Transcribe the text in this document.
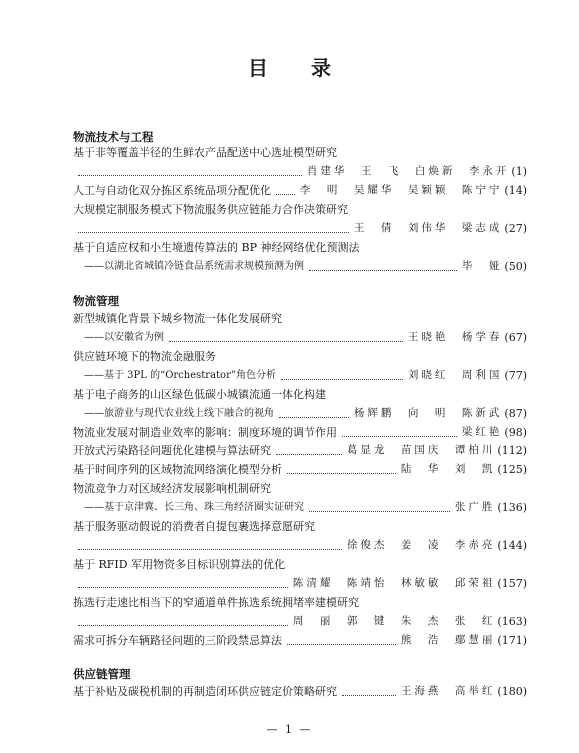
目 录
物流技术与工程
基于非等覆盖半径的生鲜农产品配送中心选址模型研究
肖建华　王　飞　白焕新　李永开 (1)
人工与自动化双分拣区系统品项分配优化	李　明　吴耀华　吴颖颖　陈宁宁 (14)
大规模定制服务模式下物流服务供应链能力合作决策研究
王　倩　刘伟华　梁志成 (27)
基于自适应权和小生境遗传算法的 BP 神经网络优化预测法
——以湖北省城镇冷链食品系统需求规模预测为例	毕　娅 (50)
物流管理
新型城镇化背景下城乡物流一体化发展研究
——以安徽省为例	王晓艳　杨学春 (67)
供应链环境下的物流金融服务
——基于 3PL 的“Orchestrator”角色分析	刘晓红　周利国 (77)
基于电子商务的山区绿色低碳小城镇流通一体化构建
——旅游业与现代农业线上线下融合的视角	杨辉鹏　向　明　陈新武 (87)
物流业发展对制造业效率的影响：制度环境的调节作用	梁红艳 (98)
开放式污染路径问题优化建模与算法研究	葛显龙　苗国庆　谭柏川 (112)
基于时间序列的区域物流网络演化模型分析	陆　华　刘　凯 (125)
物流竞争力对区域经济发展影响机制研究
——基于京津冀、长三角、珠三角经济圈实证研究	张广胜 (136)
基于服务驱动假说的消费者自提包裹选择意愿研究
徐俊杰　姜　凌　李赤亮 (144)
基于 RFID 军用物资多目标识别算法的优化
陈清耀　陈靖怡　林敏敏　邱荣祖 (157)
拣选行走速比相当下的窄通道单件拣选系统拥堵率建模研究
周　丽　郭　键　朱　杰　张　红 (163)
需求可拆分车辆路径问题的三阶段禁忌算法	熊　浩　鄢慧丽 (171)
供应链管理
基于补贴及碳税机制的再制造闭环供应链定价策略研究	王海燕　高举红 (180)
— 1 —
